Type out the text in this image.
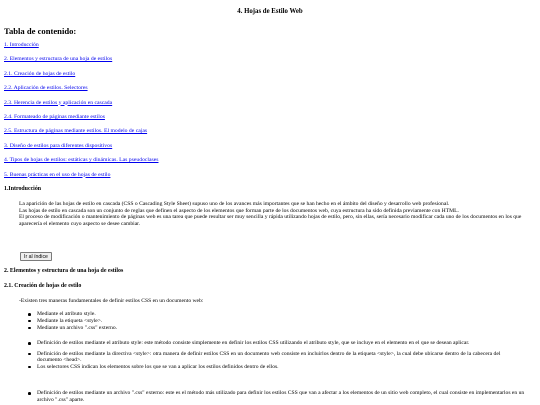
4. Hojas de Estilo Web
Tabla de contenido:
1. Introducción
2. Elementos y estructura de una hoja de estilos
2.1. Creación de hojas de estilo
2.2. Aplicación de estilos. Selectores
2.3. Herencia de estilos y aplicación en cascada
2.4. Formateado de páginas mediante estilos
2.5. Estructura de páginas mediante estilos. El modelo de cajas
3. Diseño de estilos para diferentes dispositivos
4. Tipos de hojas de estilos: estáticas y dinámicas. Las pseudoclases
5. Buenas prácticas en el uso de hojas de estilo
1.Introducción

La aparición de las hojas de estilo en cascada (CSS o Cascading Style Sheet) supuso uno de los avances más importantes que se han hecho en el ámbito del diseño y desarrollo web profesional.

Las hojas de estilo en cascada son un conjunto de reglas que definen el aspecto de los elementos que forman parte de los documentos web, cuya estructura ha sido definida previamente con HTML.

El proceso de modificación o mantenimiento de páginas web es una tarea que puede resultar ser muy sencilla y rápida utilizando hojas de estilo, pero, sin ellas, sería necesario modificar cada uno de los documentos en los que aparecería el elemento cuyo aspecto se desee cambiar.

Ir al índice
2. Elementos y estructura de una hoja de estilos
2.1. Creación de hojas de estilo
-Existen tres maneras fundamentales de definir estilos CSS en un documento web:
Mediante el atributo style.
Mediante la etiqueta <style>.
Mediante un archivo ".css" externo.
Definición de estilos mediante el atributo style: este método consiste simplemente en definir los estilos CSS utilizando el atributo style, que se incluye en el elemento en el que se desean aplicar.
Definición de estilos mediante la directiva <style>: otra manera de definir estilos CSS en un documento web consiste en incluirlos dentro de la etiqueta <style>, la cual debe ubicarse dentro de la cabecera del documento <head>.
Los selectores CSS indican los elementos sobre los que se van a aplicar los estilos definidos dentro de ellos.
Definición de estilos mediante un archivo ".css" externo: este es el método más utilizado para definir los estilos CSS que van a afectar a los elementos de un sitio web completo, el cual consiste en implementarlos en un archivo ".css" aparte.
